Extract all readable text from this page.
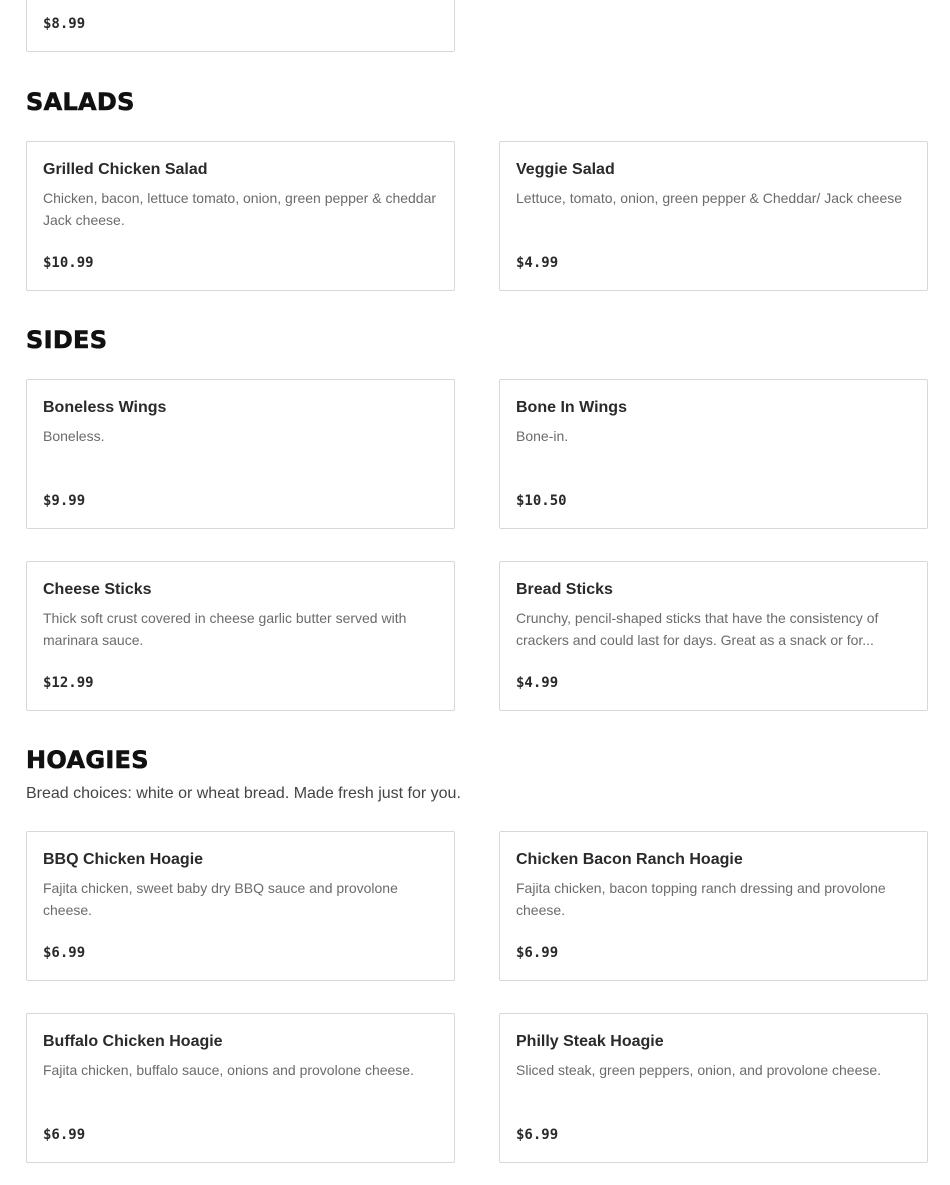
$8.99
SALADS
Grilled Chicken Salad
Chicken, bacon, lettuce tomato, onion, green pepper & cheddar Jack cheese.
$10.99
Veggie Salad
Lettuce, tomato, onion, green pepper & Cheddar/ Jack cheese
$4.99
SIDES
Boneless Wings
Boneless.
$9.99
Bone In Wings
Bone-in.
$10.50
Cheese Sticks
Thick soft crust covered in cheese garlic butter served with marinara sauce.
$12.99
Bread Sticks
Crunchy, pencil-shaped sticks that have the consistency of crackers and could last for days. Great as a snack or for...
$4.99
HOAGIES
Bread choices: white or wheat bread. Made fresh just for you.
BBQ Chicken Hoagie
Fajita chicken, sweet baby dry BBQ sauce and provolone cheese.
$6.99
Chicken Bacon Ranch Hoagie
Fajita chicken, bacon topping ranch dressing and provolone cheese.
$6.99
Buffalo Chicken Hoagie
Fajita chicken, buffalo sauce, onions and provolone cheese.
$6.99
Philly Steak Hoagie
Sliced steak, green peppers, onion, and provolone cheese.
$6.99
